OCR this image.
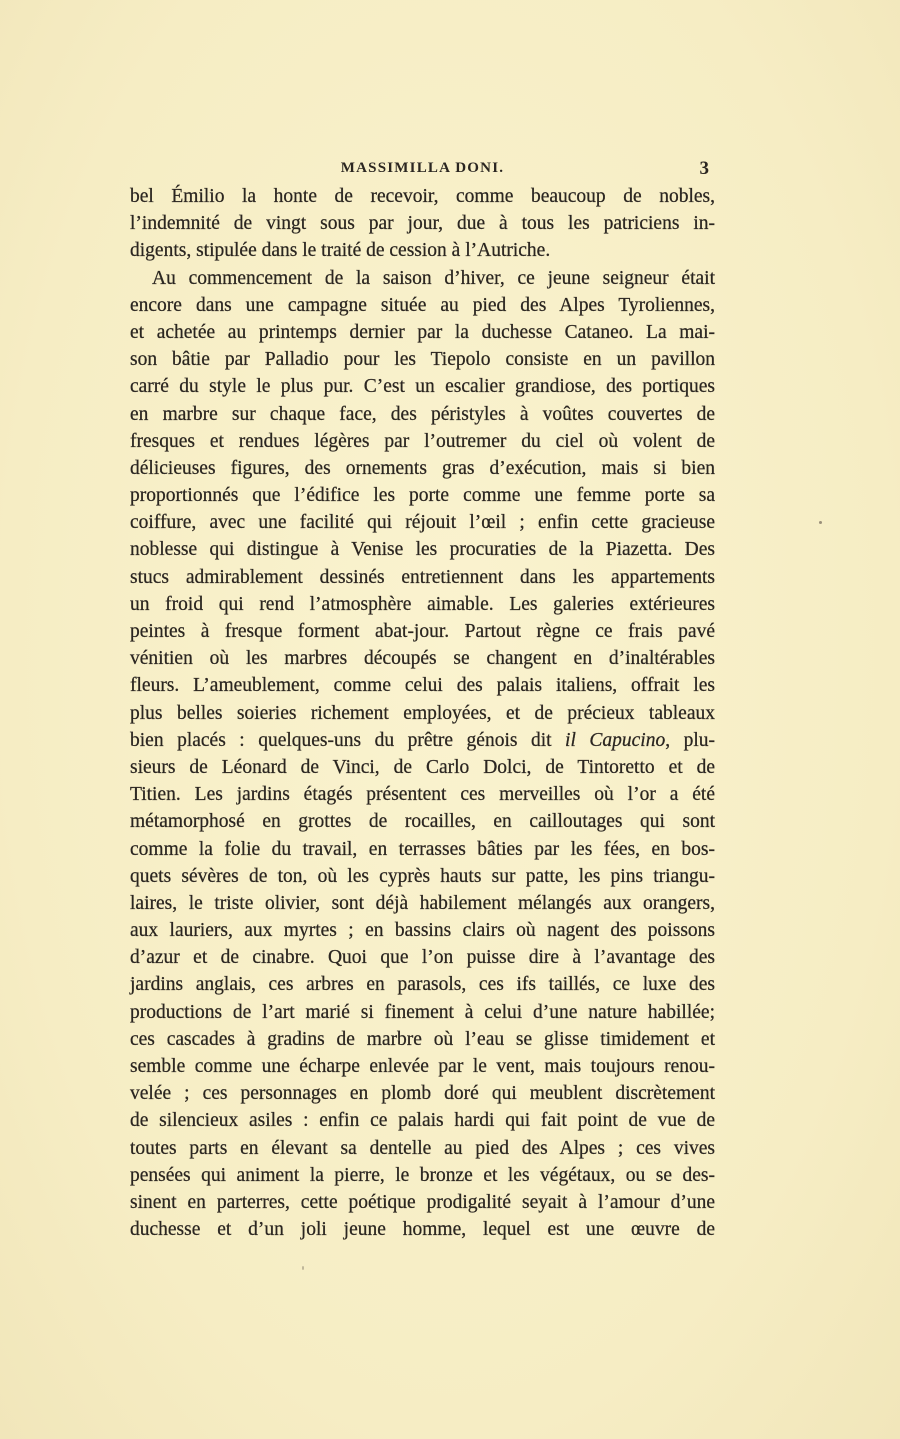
MASSIMILLA DONI.	3
bel Émilio la honte de recevoir, comme beaucoup de nobles,
l’indemnité de vingt sous par jour, due à tous les patriciens in-
digents, stipulée dans le traité de cession à l’Autriche.
Au commencement de la saison d’hiver, ce jeune seigneur était
encore dans une campagne située au pied des Alpes Tyroliennes,
et achetée au printemps dernier par la duchesse Cataneo. La mai-
son bâtie par Palladio pour les Tiepolo consiste en un pavillon
carré du style le plus pur. C’est un escalier grandiose, des portiques
en marbre sur chaque face, des péristyles à voûtes couvertes de
fresques et rendues légères par l’outremer du ciel où volent de
délicieuses figures, des ornements gras d’exécution, mais si bien
proportionnés que l’édifice les porte comme une femme porte sa
coiffure, avec une facilité qui réjouit l’œil ; enfin cette gracieuse
noblesse qui distingue à Venise les procuraties de la Piazetta. Des
stucs admirablement dessinés entretiennent dans les appartements
un froid qui rend l’atmosphère aimable. Les galeries extérieures
peintes à fresque forment abat-jour. Partout règne ce frais pavé
vénitien où les marbres découpés se changent en d’inaltérables
fleurs. L’ameublement, comme celui des palais italiens, offrait les
plus belles soieries richement employées, et de précieux tableaux
bien placés : quelques-uns du prêtre génois dit il Capucino, plu-
sieurs de Léonard de Vinci, de Carlo Dolci, de Tintoretto et de
Titien. Les jardins étagés présentent ces merveilles où l’or a été
métamorphosé en grottes de rocailles, en cailloutages qui sont
comme la folie du travail, en terrasses bâties par les fées, en bos-
quets sévères de ton, où les cyprès hauts sur patte, les pins triangu-
laires, le triste olivier, sont déjà habilement mélangés aux orangers,
aux lauriers, aux myrtes ; en bassins clairs où nagent des poissons
d’azur et de cinabre. Quoi que l’on puisse dire à l’avantage des
jardins anglais, ces arbres en parasols, ces ifs taillés, ce luxe des
productions de l’art marié si finement à celui d’une nature habillée;
ces cascades à gradins de marbre où l’eau se glisse timidement et
semble comme une écharpe enlevée par le vent, mais toujours renou-
velée ; ces personnages en plomb doré qui meublent discrètement
de silencieux asiles : enfin ce palais hardi qui fait point de vue de
toutes parts en élevant sa dentelle au pied des Alpes ; ces vives
pensées qui animent la pierre, le bronze et les végétaux, ou se des-
sinent en parterres, cette poétique prodigalité seyait à l’amour d’une
duchesse et d’un joli jeune homme, lequel est une œuvre de
